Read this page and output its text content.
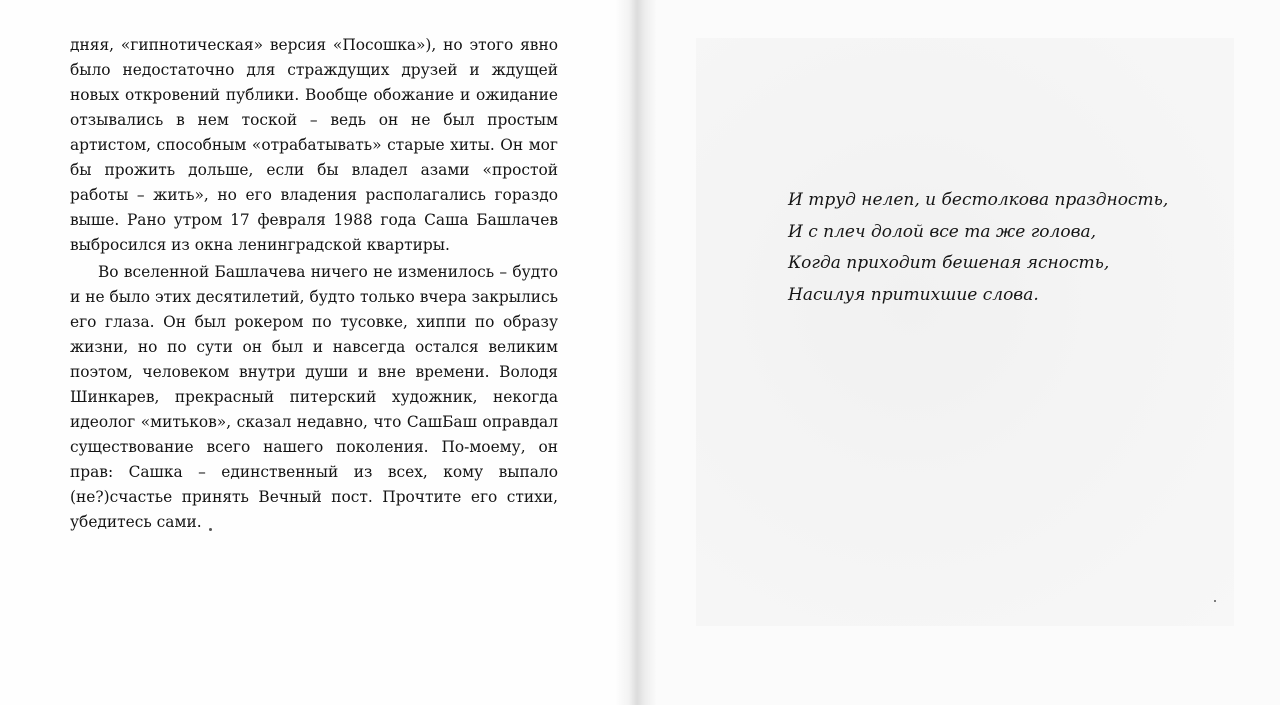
дняя, «гипнотическая» версия «Посошка»), но этого явно было недостаточно для страждущих друзей и ждущей новых откровений публики. Вообще обожание и ожидание отзывались в нем тоской – ведь он не был простым артистом, способным «отрабатывать» старые хиты. Он мог бы прожить дольше, если бы владел азами «простой работы – жить», но его владения располагались гораздо выше. Рано утром 17 февраля 1988 года Саша Башлачев выбросился из окна ленинградской квартиры.

Во вселенной Башлачева ничего не изменилось – будто и не было этих десятилетий, будто только вчера закрылись его глаза. Он был рокером по тусовке, хиппи по образу жизни, но по сути он был и навсегда остался великим поэтом, человеком внутри души и вне времени. Володя Шинкарев, прекрасный питерский художник, некогда идеолог «митьков», сказал недавно, что СашБаш оправдал существование всего нашего поколения. По-моему, он прав: Сашка – единственный из всех, кому выпало (не?)счастье принять Вечный пост. Прочтите его стихи, убедитесь сами.

И труд нелеп, и бестолкова праздность,
И с плеч долой все та же голова,
Когда приходит бешеная ясность,
Насилуя притихшие слова.
